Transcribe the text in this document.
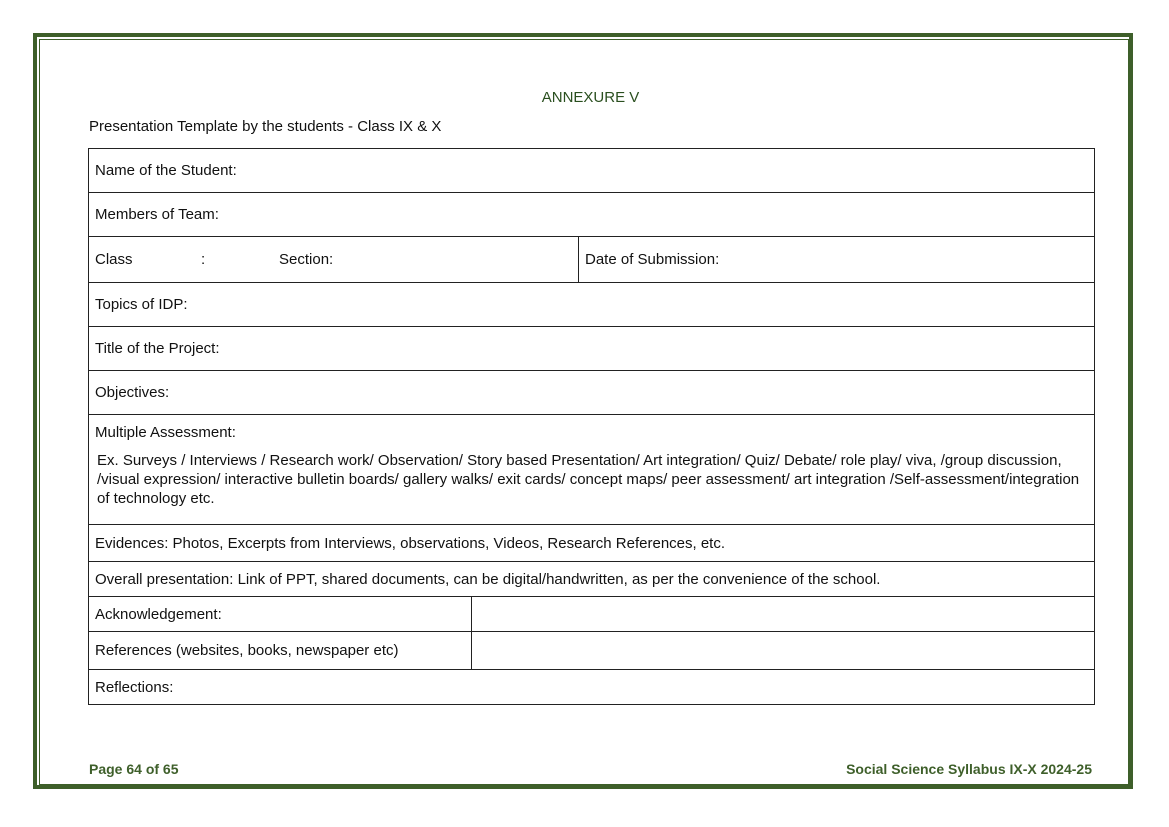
ANNEXURE V
Presentation Template by the students - Class IX & X
Name of the Student:		
Members of Team:		
Class : Section:		Date of Submission:
Topics of IDP:		
Title of the Project:		
Objectives:		

Multiple Assessment:
Ex. Surveys / Interviews / Research work/ Observation/ Story based Presentation/ Art integration/ Quiz/ Debate/ role play/ viva, /group discussion, /visual expression/ interactive bulletin boards/ gallery walks/ exit cards/ concept maps/ peer assessment/ art integration /Self-assessment/integration of technology etc.		

Evidences: Photos, Excerpts from Interviews, observations, Videos, Research References, etc.		
Overall presentation: Link of PPT, shared documents, can be digital/handwritten, as per the convenience of the school.		
Acknowledgement:		
References (websites, books, newspaper etc)		
Reflections:		
Page 64 of 65	Social Science Syllabus IX-X 2024-25
